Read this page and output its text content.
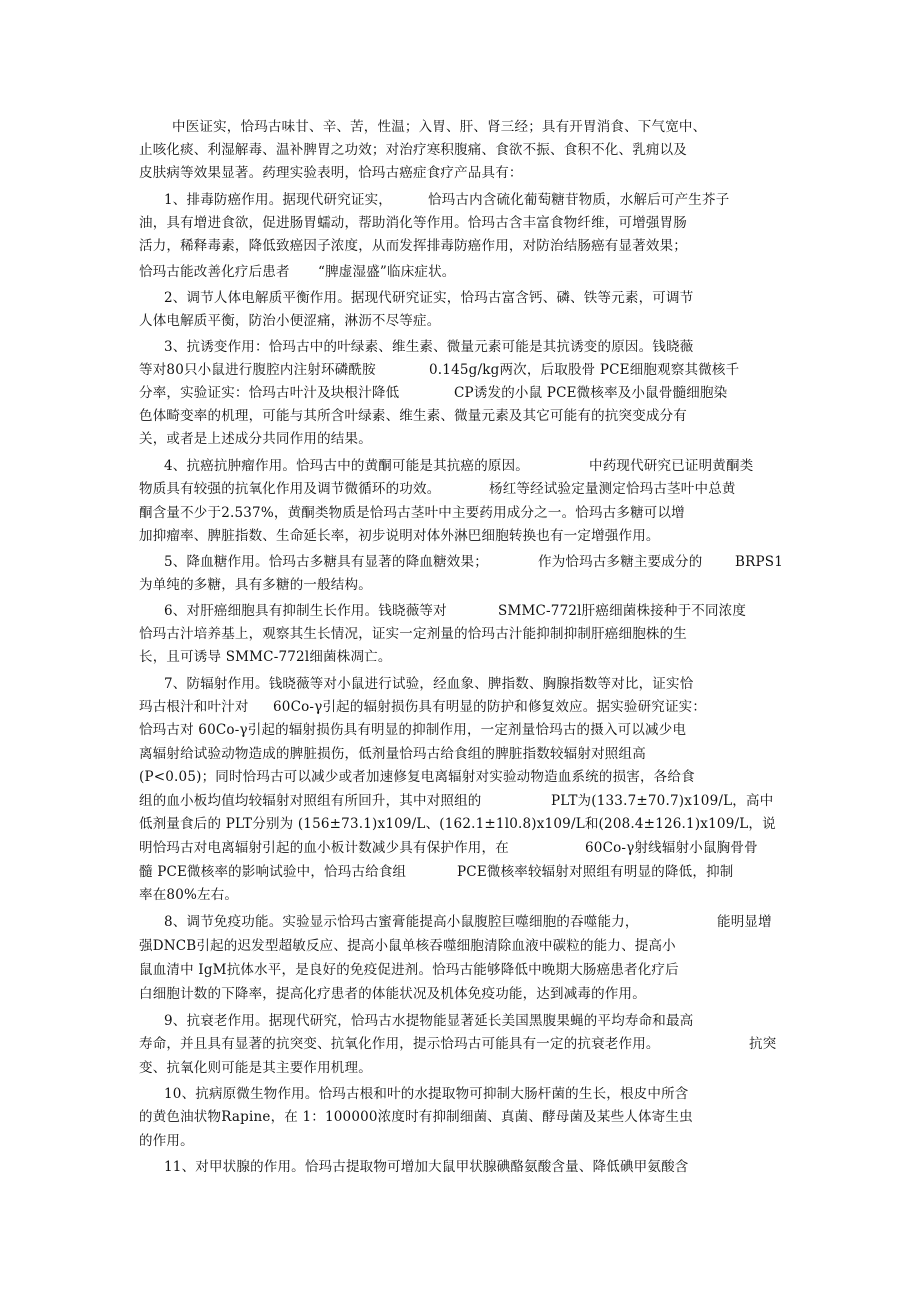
中医证实，恰玛古味甘、辛、苦，性温；入胃、肝、肾三经；具有开胃消食、下气宽中、
止咳化痰、利湿解毒、温补脾胃之功效；对治疗寒积腹痛、食欲不振、食积不化、乳痈以及
皮肤病等效果显著。药理实验表明，恰玛古癌症食疗产品具有：
1、排毒防癌作用。据现代研究证实，	恰玛古内含硫化葡萄糖苷物质，水解后可产生芥子
油，具有增进食欲，促进肠胃蠕动，帮助消化等作用。恰玛古含丰富食物纤维，可增强胃肠
活力，稀释毒素，降低致癌因子浓度，从而发挥排毒防癌作用，对防治结肠癌有显著效果；
恰玛古能改善化疗后患者 “脾虚湿盛”临床症状。
2、调节人体电解质平衡作用。据现代研究证实，恰玛古富含钙、磷、铁等元素，可调节
人体电解质平衡，防治小便涩痛，淋沥不尽等症。
3、抗诱变作用：恰玛古中的叶绿素、维生素、微量元素可能是其抗诱变的原因。钱晓薇
等对80只小鼠进行腹腔内注射环磷酰胺	0.145g/kg两次，后取股骨 PCE细胞观察其微核千
分率，实验证实：恰玛古叶汁及块根汁降低	CP诱发的小鼠 PCE微核率及小鼠骨髓细胞染
色体畸变率的机理，可能与其所含叶绿素、维生素、微量元素及其它可能有的抗突变成分有
关，或者是上述成分共同作用的结果。
4、抗癌抗肿瘤作用。恰玛古中的黄酮可能是其抗癌的原因。	中药现代研究已证明黄酮类
物质具有较强的抗氧化作用及调节微循环的功效。	杨红等经试验定量测定恰玛古茎叶中总黄
酮含量不少于2.537%，黄酮类物质是恰玛古茎叶中主要药用成分之一。恰玛古多糖可以增
加抑瘤率、脾脏指数、生命延长率，初步说明对体外淋巴细胞转换也有一定增强作用。
5、降血糖作用。恰玛古多糖具有显著的降血糖效果；	作为恰玛古多糖主要成分的 BRPS1
为单纯的多糖，具有多糖的一般结构。
6、对肝癌细胞具有抑制生长作用。钱晓薇等对	SMMC-772l肝癌细菌株接种于不同浓度
恰玛古汁培养基上，观察其生长情况，证实一定剂量的恰玛古汁能抑制抑制肝癌细胞株的生
长，且可诱导 SMMC-772l细菌株凋亡。
7、防辐射作用。钱晓薇等对小鼠进行试验，经血象、脾指数、胸腺指数等对比，证实恰
玛古根汁和叶汁对 60Co-γ引起的辐射损伤具有明显的防护和修复效应。据实验研究证实：
恰玛古对 60Co-γ引起的辐射损伤具有明显的抑制作用，一定剂量恰玛古的摄入可以减少电
离辐射给试验动物造成的脾脏损伤，低剂量恰玛古给食组的脾脏指数较辐射对照组高
(P<0.05)；同时恰玛古可以减少或者加速修复电离辐射对实验动物造血系统的损害，各给食
组的血小板均值均较辐射对照组有所回升，其中对照组的	PLT为(133.7±70.7)x109/L，高中
低剂量食后的 PLT分别为 (156±73.1)x109/L、(162.1±1l0.8)x109/L和(208.4±126.1)x109/L，说
明恰玛古对电离辐射引起的血小板计数减少具有保护作用，在	60Co-γ射线辐射小鼠胸骨骨
髓 PCE微核率的影响试验中，恰玛古给食组	PCE微核率较辐射对照组有明显的降低，抑制
率在80%左右。
8、调节免疫功能。实验显示恰玛古蜜膏能提高小鼠腹腔巨噬细胞的吞噬能力，	能明显增
强DNCB引起的迟发型超敏反应、提高小鼠单核吞噬细胞清除血液中碳粒的能力、提高小
鼠血清中 IgM抗体水平，是良好的免疫促进剂。恰玛古能够降低中晚期大肠癌患者化疗后
白细胞计数的下降率，提高化疗患者的体能状况及机体免疫功能，达到减毒的作用。
9、抗衰老作用。据现代研究，恰玛古水提物能显著延长美国黑腹果蝇的平均寿命和最高
寿命，并且具有显著的抗突变、抗氧化作用，提示恰玛古可能具有一定的抗衰老作用。	抗突
变、抗氧化则可能是其主要作用机理。
10、抗病原微生物作用。恰玛古根和叶的水提取物可抑制大肠杆菌的生长，根皮中所含
的黄色油状物Rapine，在 1：100000浓度时有抑制细菌、真菌、酵母菌及某些人体寄生虫
的作用。
11、对甲状腺的作用。恰玛古提取物可增加大鼠甲状腺碘酪氨酸含量、降低碘甲氨酸含
